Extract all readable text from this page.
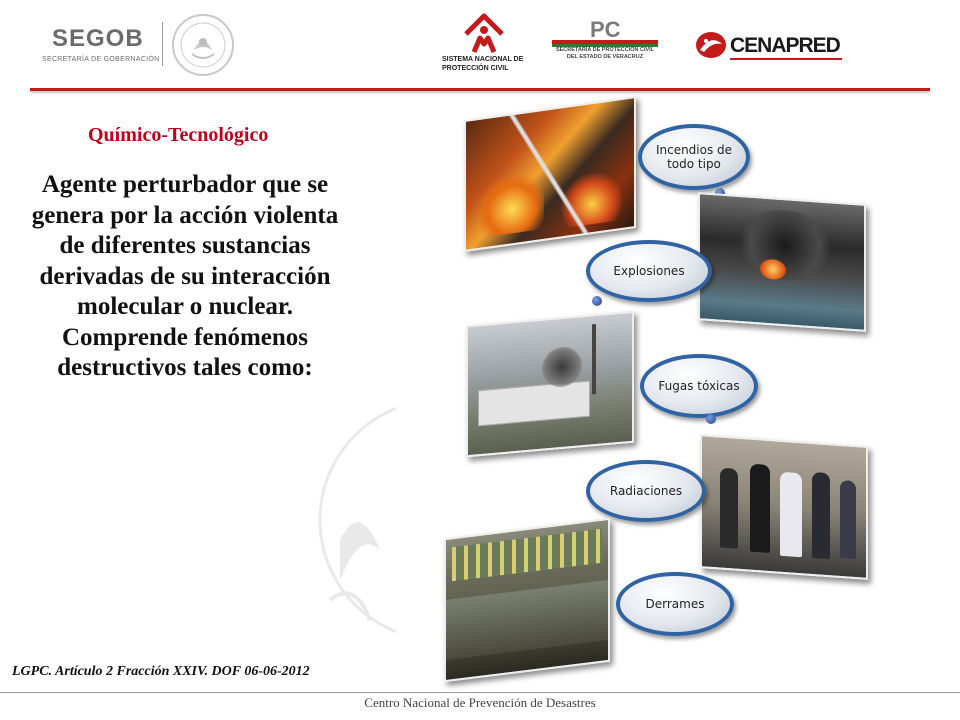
SEGOB
SECRETARÍA DE GOBERNACIÓN	SISTEMA NACIONAL DE PROTECCIÓN CIVIL
PC
SECRETARÍA DE PROTECCIÓN CIVIL DEL ESTADO DE VERACRUZ	CENAPRED
Químico-Tecnológico
Agente perturbador que se genera por la acción violenta de diferentes sustancias derivadas de su interacción molecular o nuclear. Comprende fenómenos destructivos tales como:
Incendios de todo tipo
Explosiones
Fugas tóxicas
Radiaciones
Derrames
LGPC. Artículo 2 Fracción XXIV. DOF 06-06-2012
Centro Nacional de Prevención de Desastres
